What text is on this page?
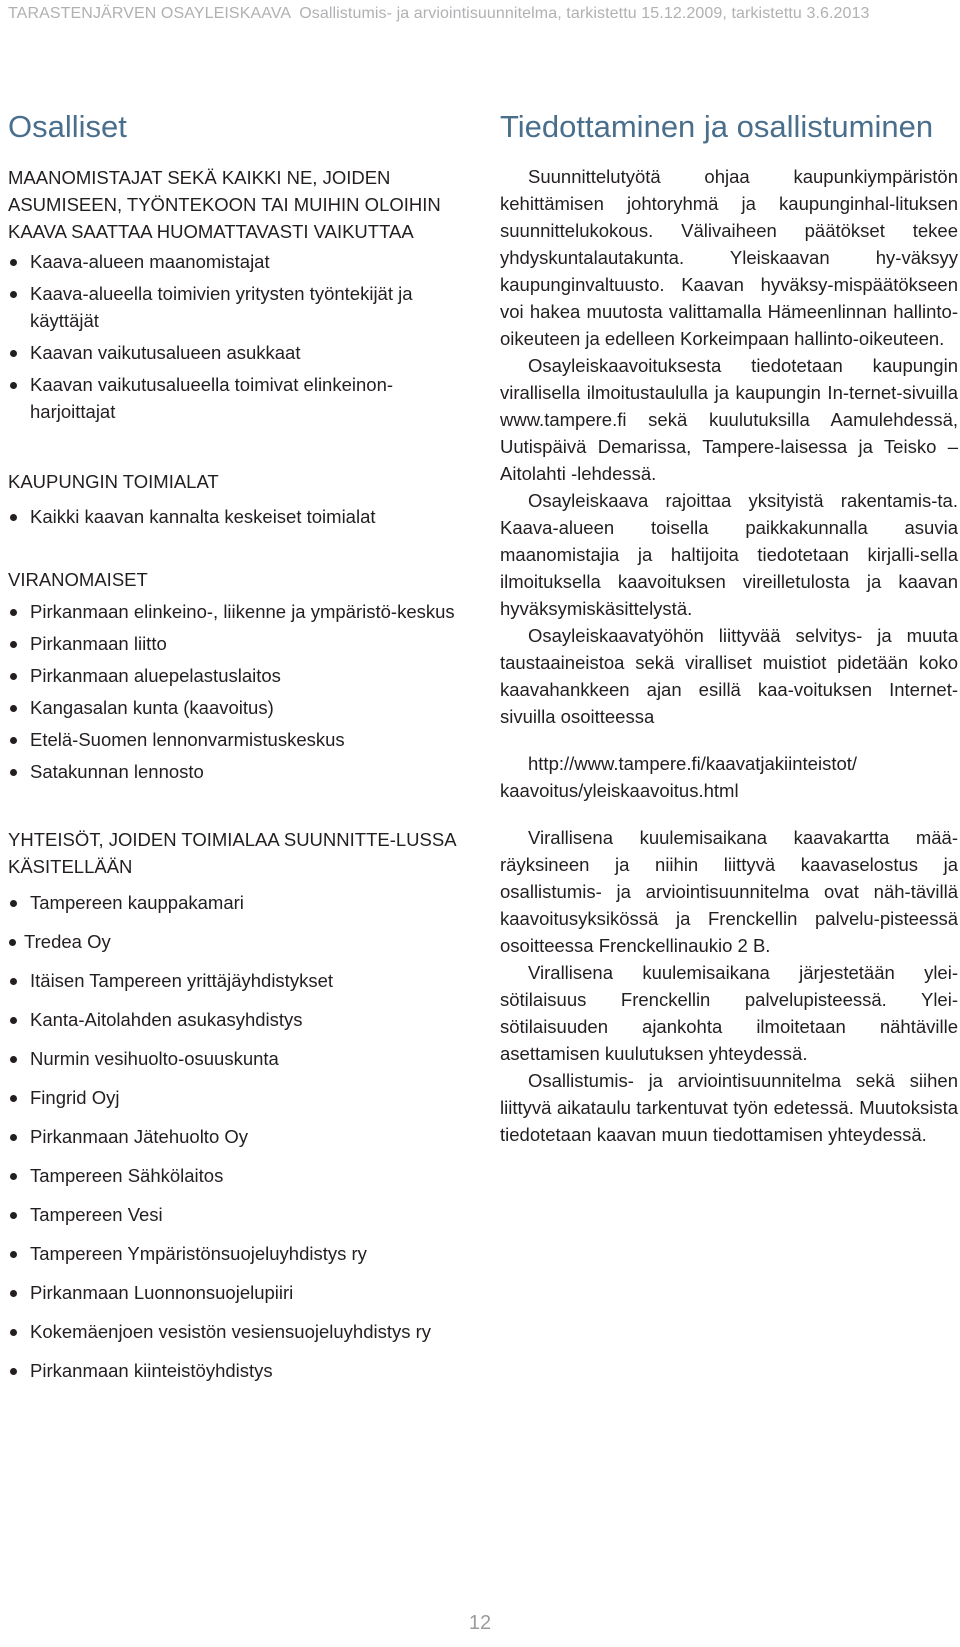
TARASTENJÄRVEN OSAYLEISKAAVA Osallistumis- ja arviointisuunnitelma, tarkistettu 15.12.2009, tarkistettu 3.6.2013
Osalliset
MAANOMISTAJAT SEKÄ KAIKKI NE, JOIDEN ASUMISEEN, TYÖNTEKOON TAI MUIHIN OLOIHIN KAAVA SAATTAA HUOMATTAVASTI VAIKUTTAA
Kaava-alueen maanomistajat
Kaava-alueella toimivien yritysten työntekijät ja käyttäjät
Kaavan vaikutusalueen asukkaat
Kaavan vaikutusalueella toimivat elinkeinon-harjoittajat
KAUPUNGIN TOIMIALAT
Kaikki kaavan kannalta keskeiset toimialat
VIRANOMAISET
Pirkanmaan elinkeino-, liikenne ja ympäristö-keskus
Pirkanmaan liitto
Pirkanmaan aluepelastuslaitos
Kangasalan kunta (kaavoitus)
Etelä-Suomen lennonvarmistuskeskus
Satakunnan lennosto
YHTEISÖT, JOIDEN TOIMIALAA SUUNNITTE-LUSSA KÄSITELLÄÄN
Tampereen kauppakamari
Tredea Oy
Itäisen Tampereen yrittäjäyhdistykset
Kanta-Aitolahden asukasyhdistys
Nurmin vesihuolto-osuuskunta
Fingrid Oyj
Pirkanmaan Jätehuolto Oy
Tampereen Sähkölaitos
Tampereen Vesi
Tampereen Ympäristönsuojeluyhdistys ry
Pirkanmaan Luonnonsuojelupiiri
Kokemäenjoen vesistön vesiensuojeluyhdistys ry
Pirkanmaan kiinteistöyhdistys
Tiedottaminen ja osallistuminen

Suunnittelutyötä ohjaa kaupunkiympäristön kehittämisen johtoryhmä ja kaupunginhal-lituksen suunnittelukokous. Välivaiheen päätökset tekee yhdyskuntalautakunta. Yleiskaavan hy-väksyy kaupunginvaltuusto. Kaavan hyväksy-mispäätökseen voi hakea muutosta valittamalla Hämeenlinnan hallinto-oikeuteen ja edelleen Korkeimpaan hallinto-oikeuteen.

Osayleiskaavoituksesta tiedotetaan kaupungin virallisella ilmoitustaululla ja kaupungin In-ternet-sivuilla www.tampere.fi sekä kuulutuksilla Aamulehdessä, Uutispäivä Demarissa, Tampere-laisessa ja Teisko – Aitolahti -lehdessä.

Osayleiskaava rajoittaa yksityistä rakentamis-ta. Kaava-alueen toisella paikkakunnalla asuvia maanomistajia ja haltijoita tiedotetaan kirjalli-sella ilmoituksella kaavoituksen vireilletulosta ja kaavan hyväksymiskäsittelystä.

Osayleiskaavatyöhön liittyvää selvitys- ja muuta taustaaineistoa sekä viralliset muistiot pidetään koko kaavahankkeen ajan esillä kaa-voituksen Internet-sivuilla osoitteessa

http://www.tampere.fi/kaavatjakiinteistot/
kaavoitus/yleiskaavoitus.html

Virallisena kuulemisaikana kaavakartta mää-räyksineen ja niihin liittyvä kaavaselostus ja osallistumis- ja arviointisuunnitelma ovat näh-tävillä kaavoitusyksikössä ja Frenckellin palvelu-pisteessä osoitteessa Frenckellinaukio 2 B.

Virallisena kuulemisaikana järjestetään ylei-sötilaisuus Frenckellin palvelupisteessä. Ylei-sötilaisuuden ajankohta ilmoitetaan nähtäville asettamisen kuulutuksen yhteydessä.

Osallistumis- ja arviointisuunnitelma sekä siihen liittyvä aikataulu tarkentuvat työn edetessä. Muutoksista tiedotetaan kaavan muun tiedottamisen yhteydessä.

12
